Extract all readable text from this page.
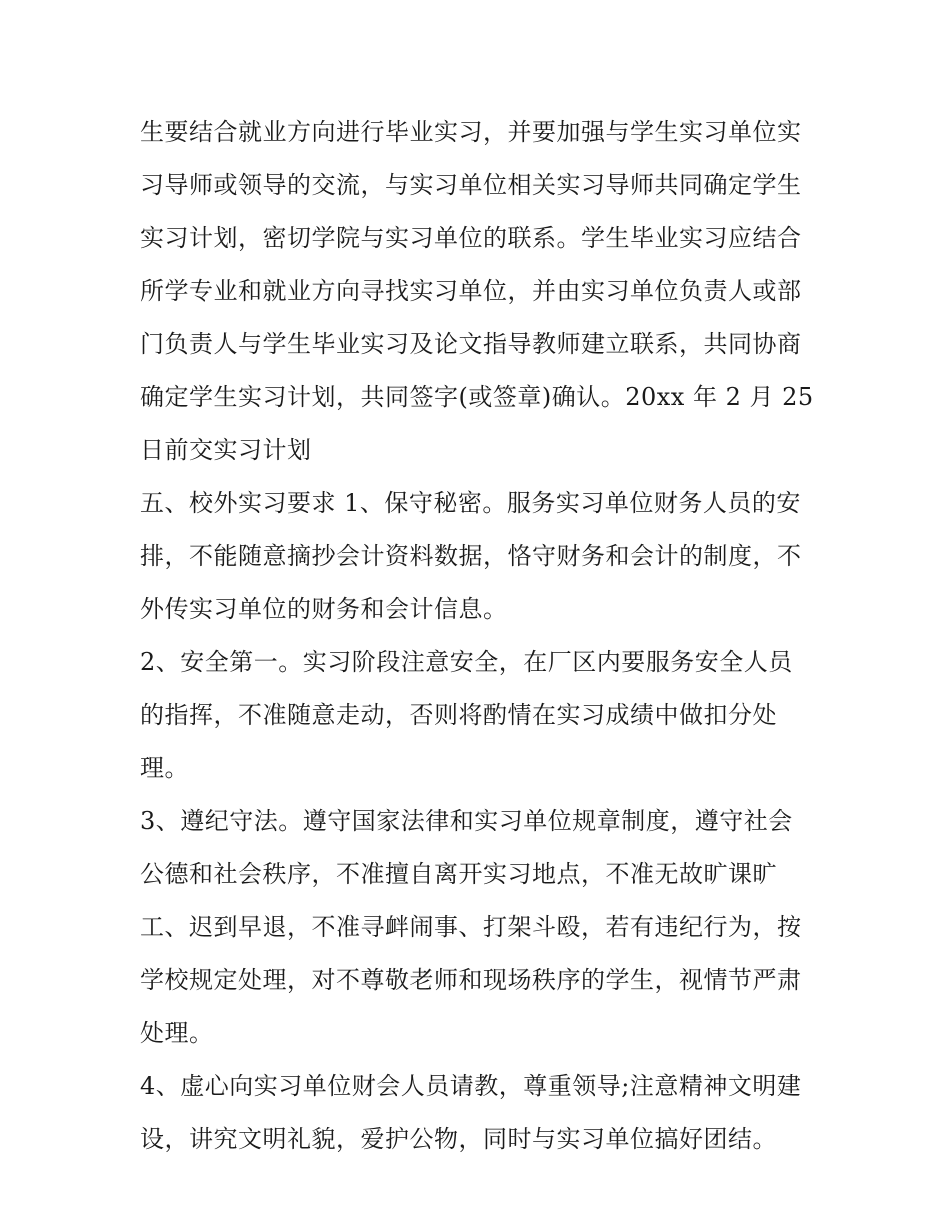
生要结合就业方向进行毕业实习，并要加强与学生实习单位实
习导师或领导的交流，与实习单位相关实习导师共同确定学生
实习计划，密切学院与实习单位的联系。学生毕业实习应结合
所学专业和就业方向寻找实习单位，并由实习单位负责人或部
门负责人与学生毕业实习及论文指导教师建立联系，共同协商
确定学生实习计划，共同签字(或签章)确认。20xx 年 2 月 25
日前交实习计划
五、校外实习要求 1、保守秘密。服务实习单位财务人员的安
排，不能随意摘抄会计资料数据，恪守财务和会计的制度，不
外传实习单位的财务和会计信息。
2、安全第一。实习阶段注意安全，在厂区内要服务安全人员
的指挥，不准随意走动，否则将酌情在实习成绩中做扣分处
理。
3、遵纪守法。遵守国家法律和实习单位规章制度，遵守社会
公德和社会秩序，不准擅自离开实习地点，不准无故旷课旷
工、迟到早退，不准寻衅闹事、打架斗殴，若有违纪行为，按
学校规定处理，对不尊敬老师和现场秩序的学生，视情节严肃
处理。
4、虚心向实习单位财会人员请教，尊重领导;注意精神文明建
设，讲究文明礼貌，爱护公物，同时与实习单位搞好团结。
